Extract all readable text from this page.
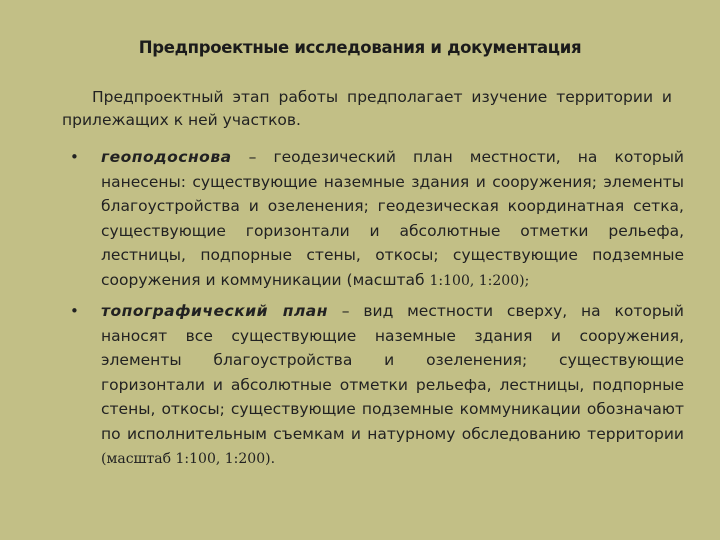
Предпроектные исследования и документация

Предпроектный этап работы предполагает изучение территории и прилежащих к ней участков.

• геоподоснова – геодезический план местности, на который нанесены: существующие наземные здания и сооружения; элементы благоустройства и озеленения; геодезическая координатная сетка, существующие горизонтали и абсолютные отметки рельефа, лестницы, подпорные стены, откосы; существующие подземные сооружения и коммуникации (масштаб 1:100, 1:200);
• топографический план – вид местности сверху, на который наносят все существующие наземные здания и сооружения, элементы благоустройства и озеленения; существующие горизонтали и абсолютные отметки рельефа, лестницы, подпорные стены, откосы; существующие подземные коммуникации обозначают по исполнительным съемкам и натурному обследованию территории (масштаб 1:100, 1:200).
